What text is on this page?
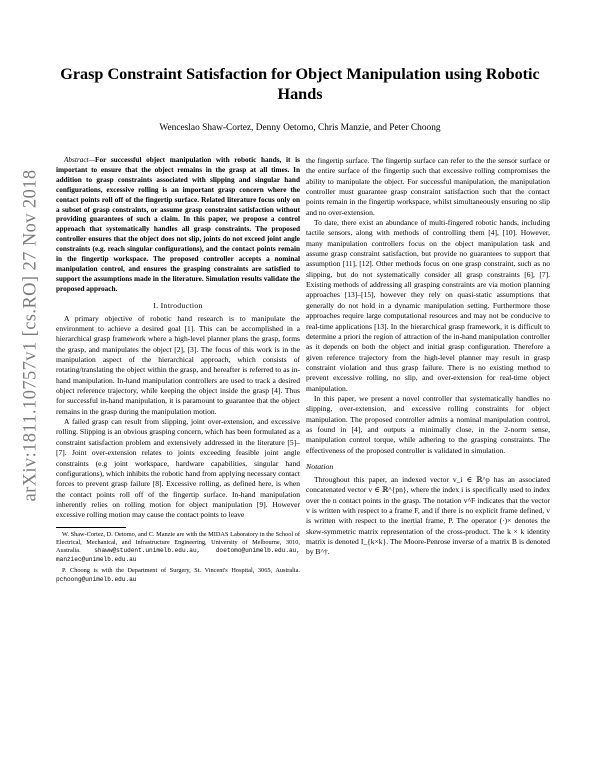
arXiv:1811.10757v1 [cs.RO] 27 Nov 2018
Grasp Constraint Satisfaction for Object Manipulation using Robotic Hands
Wenceslao Shaw-Cortez, Denny Oetomo, Chris Manzie, and Peter Choong

Abstract—For successful object manipulation with robotic hands, it is important to ensure that the object remains in the grasp at all times. In addition to grasp constraints associated with slipping and singular hand configurations, excessive rolling is an important grasp concern where the contact points roll off of the fingertip surface. Related literature focus only on a subset of grasp constraints, or assume grasp constraint satisfaction without providing guarantees of such a claim. In this paper, we propose a control approach that systematically handles all grasp constraints. The proposed controller ensures that the object does not slip, joints do not exceed joint angle constraints (e.g. reach singular configurations), and the contact points remain in the fingertip workspace. The proposed controller accepts a nominal manipulation control, and ensures the grasping constraints are satisfied to support the assumptions made in the literature. Simulation results validate the proposed approach.

I. Introduction

A primary objective of robotic hand research is to manipulate the environment to achieve a desired goal [1]. This can be accomplished in a hierarchical grasp framework where a high-level planner plans the grasp, forms the grasp, and manipulates the object [2], [3]. The focus of this work is in the manipulation aspect of the hierarchical approach, which consists of rotating/translating the object within the grasp, and hereafter is referred to as in-hand manipulation. In-hand manipulation controllers are used to track a desired object reference trajectory, while keeping the object inside the grasp [4]. Thus for successful in-hand manipulation, it is paramount to guarantee that the object remains in the grasp during the manipulation motion.

A failed grasp can result from slipping, joint over-extension, and excessive rolling. Slipping is an obvious grasping concern, which has been formulated as a constraint satisfaction problem and extensively addressed in the literature [5]–[7]. Joint over-extension relates to joints exceeding feasible joint angle constraints (e.g joint workspace, hardware capabilities, singular hand configurations), which inhibits the robotic hand from applying necessary contact forces to prevent grasp failure [8]. Excessive rolling, as defined here, is when the contact points roll off of the fingertip surface. In-hand manipulation inherently relies on rolling motion for object manipulation [9]. However excessive rolling motion may cause the contact points to leave

W. Shaw-Cortez, D. Oetomo, and C. Manzie are with the MIDAS Laboratory in the School of Electrical, Mechanical, and Infrastructure Engineering, University of Melbourne, 3010, Australia. shaww@student.unimelb.edu.au, doetomo@unimelb.edu.au, manziec@unimelb.edu.au

P. Choong is with the Department of Surgery, St. Vincent's Hospital, 3065, Australia. pchoong@unimelb.edu.au

the fingertip surface. The fingertip surface can refer to the the sensor surface or the entire surface of the fingertip such that excessive rolling compromises the ability to manipulate the object. For successful manipulation, the manipulation controller must guarantee grasp constraint satisfaction such that the contact points remain in the fingertip workspace, whilst simultaneously ensuring no slip and no over-extension.

To date, there exist an abundance of multi-fingered robotic hands, including tactile sensors, along with methods of controlling them [4], [10]. However, many manipulation controllers focus on the object manipulation task and assume grasp constraint satisfaction, but provide no guarantees to support that assumption [11], [12]. Other methods focus on one grasp constraint, such as no slipping, but do not systematically consider all grasp constraints [6], [7]. Existing methods of addressing all grasping constraints are via motion planning approaches [13]–[15], however they rely on quasi-static assumptions that generally do not hold in a dynamic manipulation setting. Furthermore those approaches require large computational resources and may not be conducive to real-time applications [13]. In the hierarchical grasp framework, it is difficult to determine a priori the region of attraction of the in-hand manipulation controller as it depends on both the object and initial grasp configuration. Therefore a given reference trajectory from the high-level planner may result in grasp constraint violation and thus grasp failure. There is no existing method to prevent excessive rolling, no slip, and over-extension for real-time object manipulation.

In this paper, we present a novel controller that systematically handles no slipping, over-extension, and excessive rolling constraints for object manipulation. The proposed controller admits a nominal manipulation control, as found in [4], and outputs a minimally close, in the 2-norm sense, manipulation control torque, while adhering to the grasping constraints. The effectiveness of the proposed controller is validated in simulation.

Notation

Throughout this paper, an indexed vector v_i ∈ ℝ^p has an associated concatenated vector v ∈ ℝ^{pn}, where the index i is specifically used to index over the n contact points in the grasp. The notation v^F indicates that the vector v is written with respect to a frame F, and if there is no explicit frame defined, v is written with respect to the inertial frame, P. The operator (·)× denotes the skew-symmetric matrix representation of the cross-product. The k × k identity matrix is denoted I_{k×k}. The Moore-Penrose inverse of a matrix B is denoted by B^†.
